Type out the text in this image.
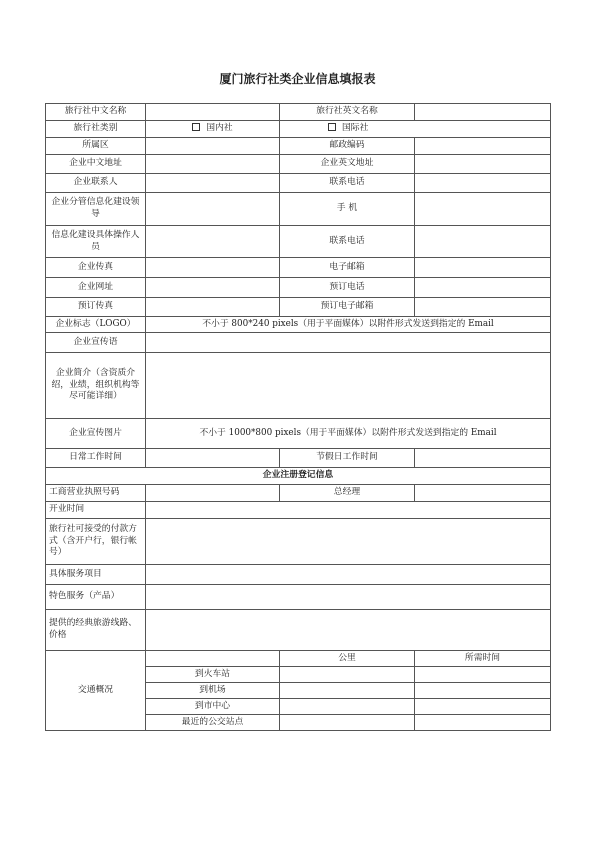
厦门旅行社类企业信息填报表
旅行社中文名称		旅行社英文名称	
旅行社类别	国内社	国际社	
所属区		邮政编码	
企业中文地址		企业英文地址	
企业联系人		联系电话	
企业分管信息化建设领导		手 机	
信息化建设具体操作人员		联系电话	
企业传真		电子邮箱	
企业网址		预订电话	
预订传真		预订电子邮箱	
企业标志（LOGO）	不小于 800*240 pixels（用于平面媒体）以附件形式发送到指定的 Email		
企业宣传语			
企业简介（含资质介绍，业绩，组织机构等尽可能详细）			
企业宣传图片	不小于 1000*800 pixels（用于平面媒体）以附件形式发送到指定的 Email		
日常工作时间		节假日工作时间	
企业注册登记信息			
工商营业执照号码		总经理	
开业时间			
旅行社可接受的付款方式（含开户行，银行帐号）			
具体服务项目			
特色服务（产品）			
提供的经典旅游线路、价格			
交通概况		公里	所需时间
	到火车站		
	到机场		
	到市中心		
	最近的公交站点		
